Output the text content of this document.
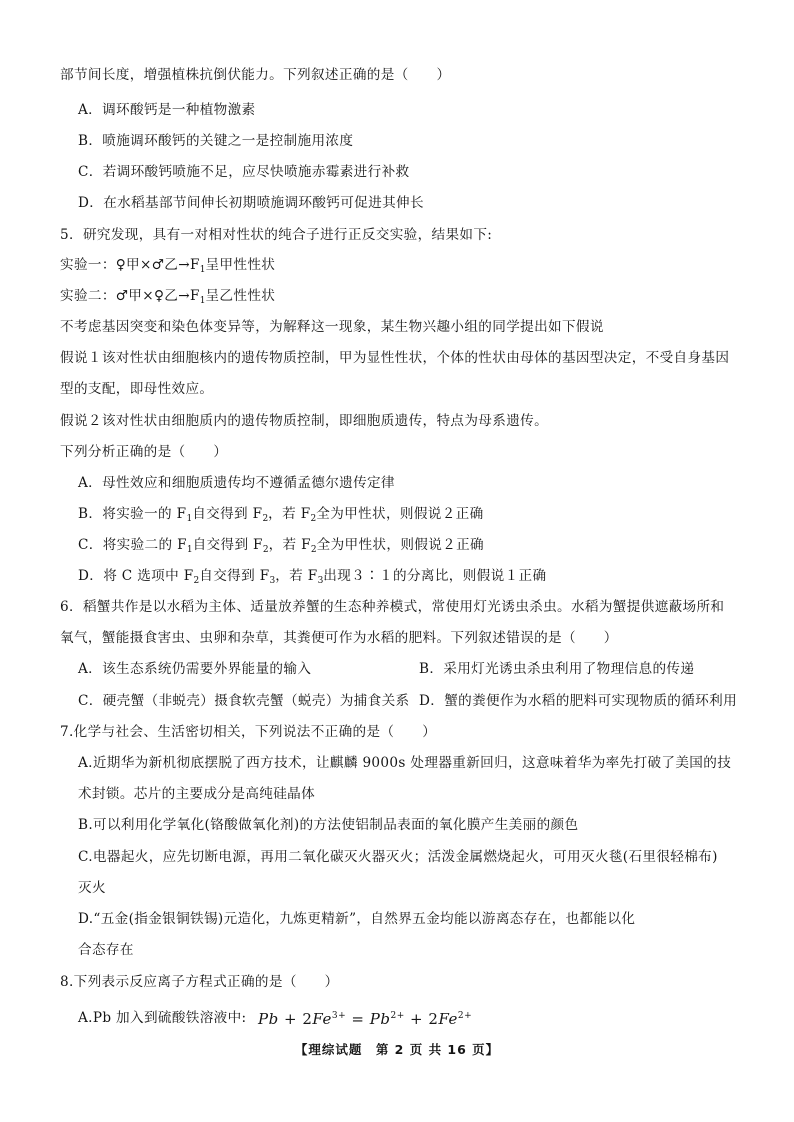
部节间长度，增强植株抗倒伏能力。下列叙述正确的是（　　）
A．调环酸钙是一种植物激素
B．喷施调环酸钙的关键之一是控制施用浓度
C．若调环酸钙喷施不足，应尽快喷施赤霉素进行补救
D．在水稻基部节间伸长初期喷施调环酸钙可促进其伸长
5．研究发现，具有一对相对性状的纯合子进行正反交实验，结果如下:
实验一：♀甲×♂乙$\to F_1$呈甲性性状
实验二：♂甲×♀乙$\to F_1$呈乙性性状
不考虑基因突变和染色体变异等，为解释这一现象，某生物兴趣小组的同学提出如下假说
假说１该对性状由细胞核内的遗传物质控制，甲为显性性状，个体的性状由母体的基因型决定，不受自身基因
型的支配，即母性效应。
假说２该对性状由细胞质内的遗传物质控制，即细胞质遗传，特点为母系遗传。
下列分析正确的是（　　）
A．母性效应和细胞质遗传均不遵循孟德尔遗传定律
B．将实验一的 $F_1$自交得到 $F_2$，若 $F_2$全为甲性状，则假说２正确
C．将实验二的 $F_1$自交得到 $F_2$，若 $F_2$全为甲性状，则假说２正确
D．将 C 选项中 $F_2$自交得到 $F_3$，若 $F_3$出现３∶１的分离比，则假说１正确
6．稻蟹共作是以水稻为主体、适量放养蟹的生态种养模式，常使用灯光诱虫杀虫。水稻为蟹提供遮蔽场所和
氧气，蟹能摄食害虫、虫卵和杂草，其粪便可作为水稻的肥料。下列叙述错误的是（　　）
A．该生态系统仍需要外界能量的输入	B．采用灯光诱虫杀虫利用了物理信息的传递
C．硬壳蟹（非蜕壳）摄食软壳蟹（蜕壳）为捕食关系 D．蟹的粪便作为水稻的肥料可实现物质的循环利用
7.化学与社会、生活密切相关，下列说法不正确的是（　　）
A.近期华为新机彻底摆脱了西方技术，让麒麟 9000s 处理器重新回归，这意味着华为率先打破了美国的技
术封锁。芯片的主要成分是高纯硅晶体
B.可以利用化学氧化(铬酸做氧化剂)的方法使铝制品表面的氧化膜产生美丽的颜色
C.电器起火，应先切断电源，再用二氧化碳灭火器灭火；活泼金属燃烧起火，可用灭火毯(石里很轻棉布)
灭火
D.“五金(指金银铜铁锡)元造化，九炼更精新”，自然界五金均能以游离态存在，也都能以化
合态存在
8.下列表示反应离子方程式正确的是（　　）
A.Pb 加入到硫酸铁溶液中: $Pb + 2Fe^{3+} = Pb^{2+} + 2Fe^{2+}$
【理综试题　第 2 页 共 16 页】
